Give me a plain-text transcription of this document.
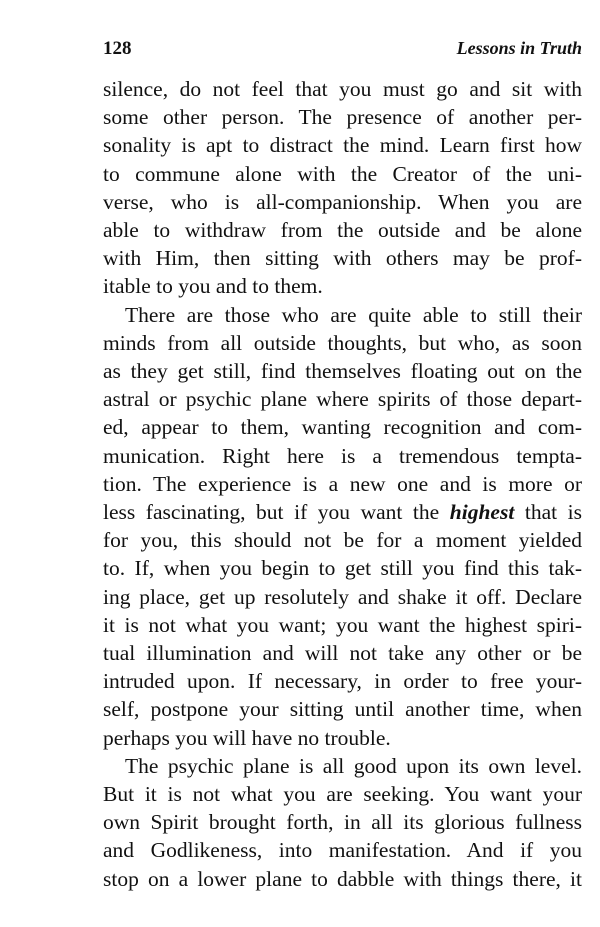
128	Lessons in Truth
silence, do not feel that you must go and sit with
some other person. The presence of another per-
sonality is apt to distract the mind. Learn first how
to commune alone with the Creator of the uni-
verse, who is all-companionship. When you are
able to withdraw from the outside and be alone
with Him, then sitting with others may be prof-
itable to you and to them.
There are those who are quite able to still their
minds from all outside thoughts, but who, as soon
as they get still, find themselves floating out on the
astral or psychic plane where spirits of those depart-
ed, appear to them, wanting recognition and com-
munication. Right here is a tremendous tempta-
tion. The experience is a new one and is more or
less fascinating, but if you want the highest that is
for you, this should not be for a moment yielded
to. If, when you begin to get still you find this tak-
ing place, get up resolutely and shake it off. Declare
it is not what you want; you want the highest spiri-
tual illumination and will not take any other or be
intruded upon. If necessary, in order to free your-
self, postpone your sitting until another time, when
perhaps you will have no trouble.
The psychic plane is all good upon its own level.
But it is not what you are seeking. You want your
own Spirit brought forth, in all its glorious fullness
and Godlikeness, into manifestation. And if you
stop on a lower plane to dabble with things there, it
